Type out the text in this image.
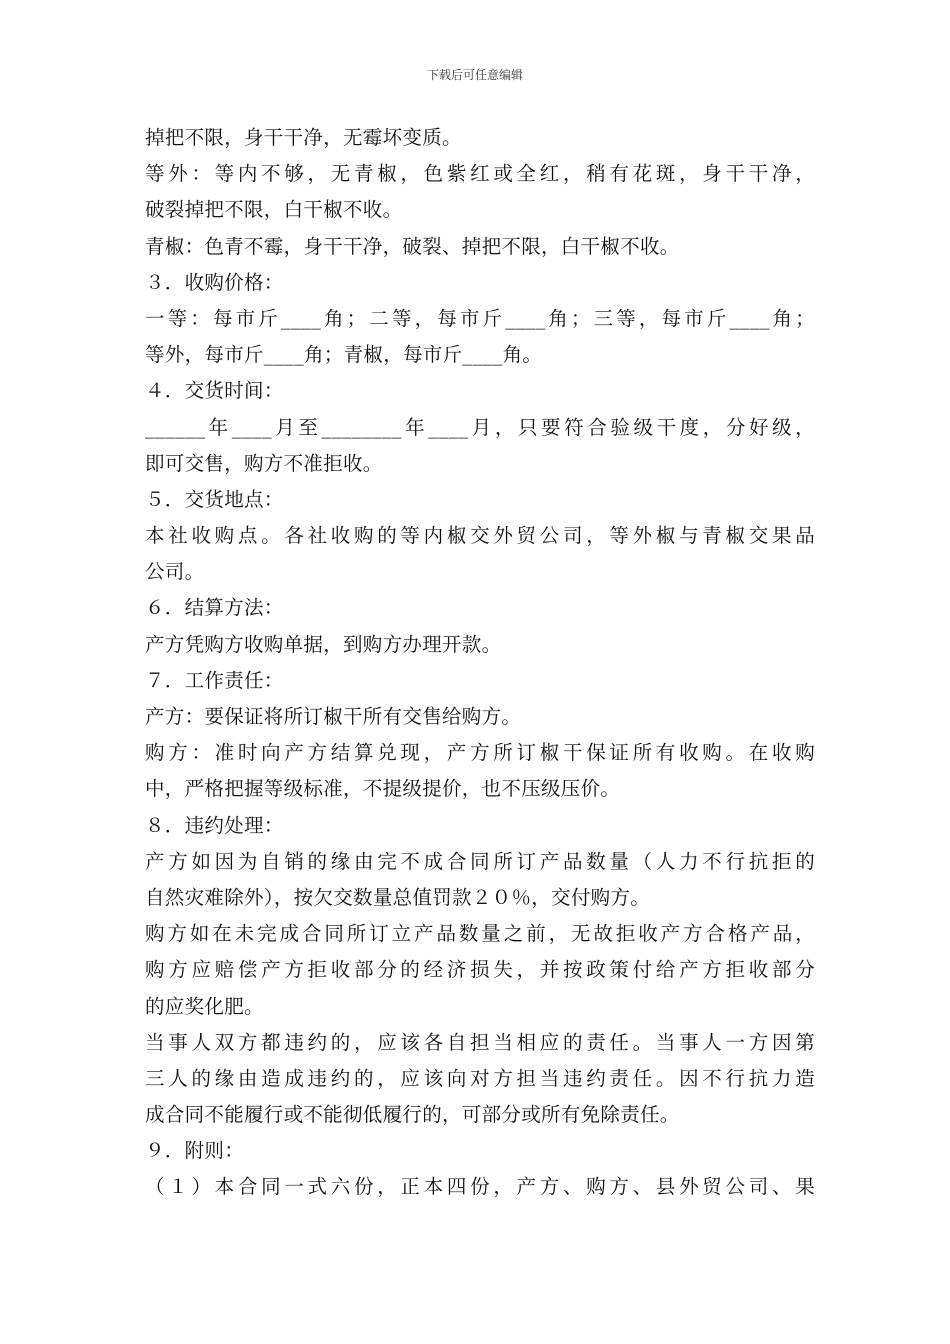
下载后可任意编辑
掉把不限，身干干净，无霉坏变质。
等外：等内不够，无青椒，色紫红或全红，稍有花斑，身干干净，
破裂掉把不限，白干椒不收。
青椒：色青不霉，身干干净，破裂、掉把不限，白干椒不收。
３．收购价格：
一等：每市斤____角；二等，每市斤____角；三等，每市斤____角；
等外，每市斤____角；青椒，每市斤____角。
４．交货时间：
______年____月至________年____月，只要符合验级干度，分好级，
即可交售，购方不准拒收。
５．交货地点：
本社收购点。各社收购的等内椒交外贸公司，等外椒与青椒交果品
公司。
６．结算方法：
产方凭购方收购单据，到购方办理开款。
７．工作责任：
产方：要保证将所订椒干所有交售给购方。
购方：准时向产方结算兑现，产方所订椒干保证所有收购。在收购
中，严格把握等级标准，不提级提价，也不压级压价。
８．违约处理：
产方如因为自销的缘由完不成合同所订产品数量（人力不行抗拒的
自然灾难除外），按欠交数量总值罚款２０％，交付购方。
购方如在未完成合同所订立产品数量之前，无故拒收产方合格产品，
购方应赔偿产方拒收部分的经济损失，并按政策付给产方拒收部分
的应奖化肥。
当事人双方都违约的，应该各自担当相应的责任。当事人一方因第
三人的缘由造成违约的，应该向对方担当违约责任。因不行抗力造
成合同不能履行或不能彻低履行的，可部分或所有免除责任。
９．附则：
（１）本合同一式六份，正本四份，产方、购方、县外贸公司、果
